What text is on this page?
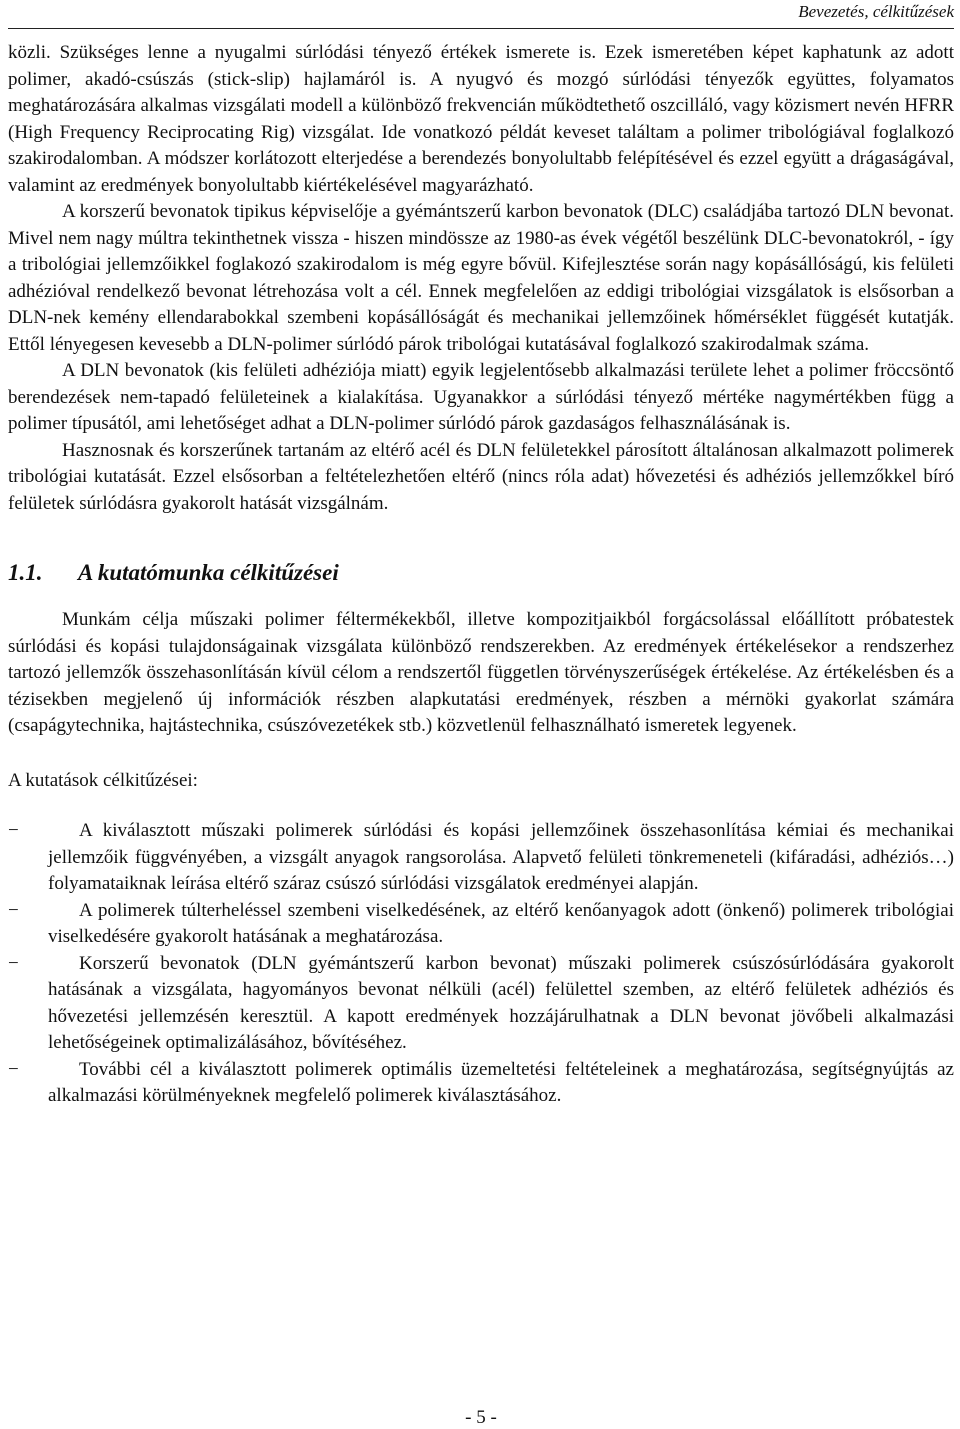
Bevezetés, célkitűzések

közli. Szükséges lenne a nyugalmi súrlódási tényező értékek ismerete is. Ezek ismeretében képet kaphatunk az adott polimer, akadó-csúszás (stick-slip) hajlamáról is. A nyugvó és mozgó súrlódási tényezők együttes, folyamatos meghatározására alkalmas vizsgálati modell a különböző frekvencián működtethető oszcilláló, vagy közismert nevén HFRR (High Frequency Reciprocating Rig) vizsgálat. Ide vonatkozó példát keveset találtam a polimer tribológiával foglalkozó szakirodalomban. A módszer korlátozott elterjedése a berendezés bonyolultabb felépítésével és ezzel együtt a drágaságával, valamint az eredmények bonyolultabb kiértékelésével magyarázható.

A korszerű bevonatok tipikus képviselője a gyémántszerű karbon bevonatok (DLC) családjába tartozó DLN bevonat. Mivel nem nagy múltra tekinthetnek vissza - hiszen mindössze az 1980-as évek végétől beszélünk DLC-bevonatokról, - így a tribológiai jellemzőikkel foglakozó szakirodalom is még egyre bővül. Kifejlesztése során nagy kopásállóságú, kis felületi adhézióval rendelkező bevonat létrehozása volt a cél. Ennek megfelelően az eddigi tribológiai vizsgálatok is elsősorban a DLN-nek kemény ellendarabokkal szembeni kopásállóságát és mechanikai jellemzőinek hőmérséklet függését kutatják. Ettől lényegesen kevesebb a DLN-polimer súrlódó párok tribológai kutatásával foglalkozó szakirodalmak száma.

A DLN bevonatok (kis felületi adhéziója miatt) egyik legjelentősebb alkalmazási területe lehet a polimer fröccsöntő berendezések nem-tapadó felületeinek a kialakítása. Ugyanakkor a súrlódási tényező mértéke nagymértékben függ a polimer típusától, ami lehetőséget adhat a DLN-polimer súrlódó párok gazdaságos felhasználásának is.

Hasznosnak és korszerűnek tartanám az eltérő acél és DLN felületekkel párosított általánosan alkalmazott polimerek tribológiai kutatását. Ezzel elsősorban a feltételezhetően eltérő (nincs róla adat) hővezetési és adhéziós jellemzőkkel bíró felületek súrlódásra gyakorolt hatását vizsgálnám.

1.1. A kutatómunka célkitűzései

Munkám célja műszaki polimer féltermékekből, illetve kompozitjaikból forgácsolással előállított próbatestek súrlódási és kopási tulajdonságainak vizsgálata különböző rendszerekben. Az eredmények értékelésekor a rendszerhez tartozó jellemzők összehasonlításán kívül célom a rendszertől független törvényszerűségek értékelése. Az értékelésben és a tézisekben megjelenő új információk részben alapkutatási eredmények, részben a mérnöki gyakorlat számára (csapágytechnika, hajtástechnika, csúszóvezetékek stb.) közvetlenül felhasználható ismeretek legyenek.

A kutatások célkitűzései:

−	A kiválasztott műszaki polimerek súrlódási és kopási jellemzőinek összehasonlítása kémiai és mechanikai jellemzőik függvényében, a vizsgált anyagok rangsorolása. Alapvető felületi tönkremeneteli (kifáradási, adhéziós…) folyamataiknak leírása eltérő száraz csúszó súrlódási vizsgálatok eredményei alapján.

−	A polimerek túlterheléssel szembeni viselkedésének, az eltérő kenőanyagok adott (önkenő) polimerek tribológiai viselkedésére gyakorolt hatásának a meghatározása.

−	Korszerű bevonatok (DLN gyémántszerű karbon bevonat) műszaki polimerek csúszósúrlódására gyakorolt hatásának a vizsgálata, hagyományos bevonat nélküli (acél) felülettel szemben, az eltérő felületek adhéziós és hővezetési jellemzésén keresztül. A kapott eredmények hozzájárulhatnak a DLN bevonat jövőbeli alkalmazási lehetőségeinek optimalizálásához, bővítéséhez.

−	További cél a kiválasztott polimerek optimális üzemeltetési feltételeinek a meghatározása, segítségnyújtás az alkalmazási körülményeknek megfelelő polimerek kiválasztásához.

- 5 -
